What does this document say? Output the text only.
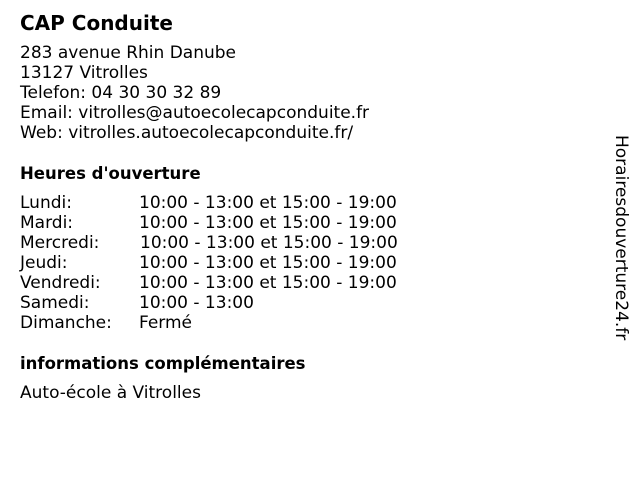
CAP Conduite
283 avenue Rhin Danube
13127 Vitrolles
Telefon: 04 30 30 32 89
Email: vitrolles@autoecolecapconduite.fr
Web: vitrolles.autoecolecapconduite.fr/
Heures d'ouverture
Lundi:	10:00 - 13:00 et 15:00 - 19:00
Mardi:	10:00 - 13:00 et 15:00 - 19:00
Mercredi: 10:00 - 13:00 et 15:00 - 19:00
Jeudi:	10:00 - 13:00 et 15:00 - 19:00
Vendredi: 10:00 - 13:00 et 15:00 - 19:00
Samedi:	10:00 - 13:00
Dimanche: Fermé
informations complémentaires
Auto-école à Vitrolles
Horairesdouverture24.fr
